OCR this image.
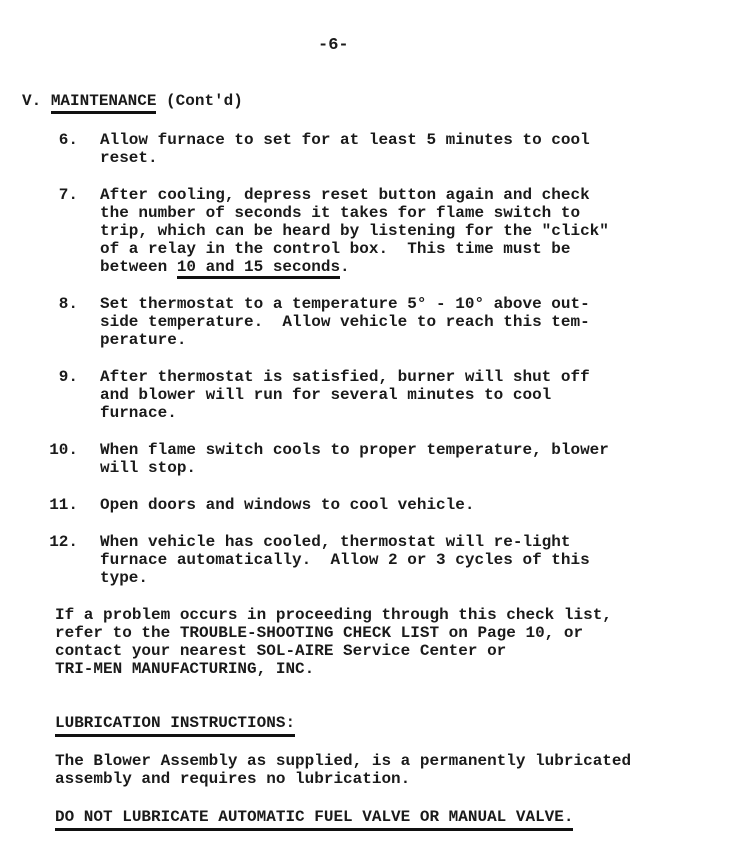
-6-
V. MAINTENANCE (Cont'd)
6. Allow furnace to set for at least 5 minutes to cool
reset.
7. After cooling, depress reset button again and check
the number of seconds it takes for flame switch to
trip, which can be heard by listening for the "click"
of a relay in the control box.  This time must be
between 10 and 15 seconds.
8. Set thermostat to a temperature 5° - 10° above out-
side temperature.  Allow vehicle to reach this tem-
perature.
9. After thermostat is satisfied, burner will shut off
and blower will run for several minutes to cool
furnace.
10. When flame switch cools to proper temperature, blower
will stop.
11. Open doors and windows to cool vehicle.
12. When vehicle has cooled, thermostat will re-light
furnace automatically.  Allow 2 or 3 cycles of this
type.
If a problem occurs in proceeding through this check list,
refer to the TROUBLE-SHOOTING CHECK LIST on Page 10, or
contact your nearest SOL-AIRE Service Center or
TRI-MEN MANUFACTURING, INC.
LUBRICATION INSTRUCTIONS:
The Blower Assembly as supplied, is a permanently lubricated
assembly and requires no lubrication.
DO NOT LUBRICATE AUTOMATIC FUEL VALVE OR MANUAL VALVE.
